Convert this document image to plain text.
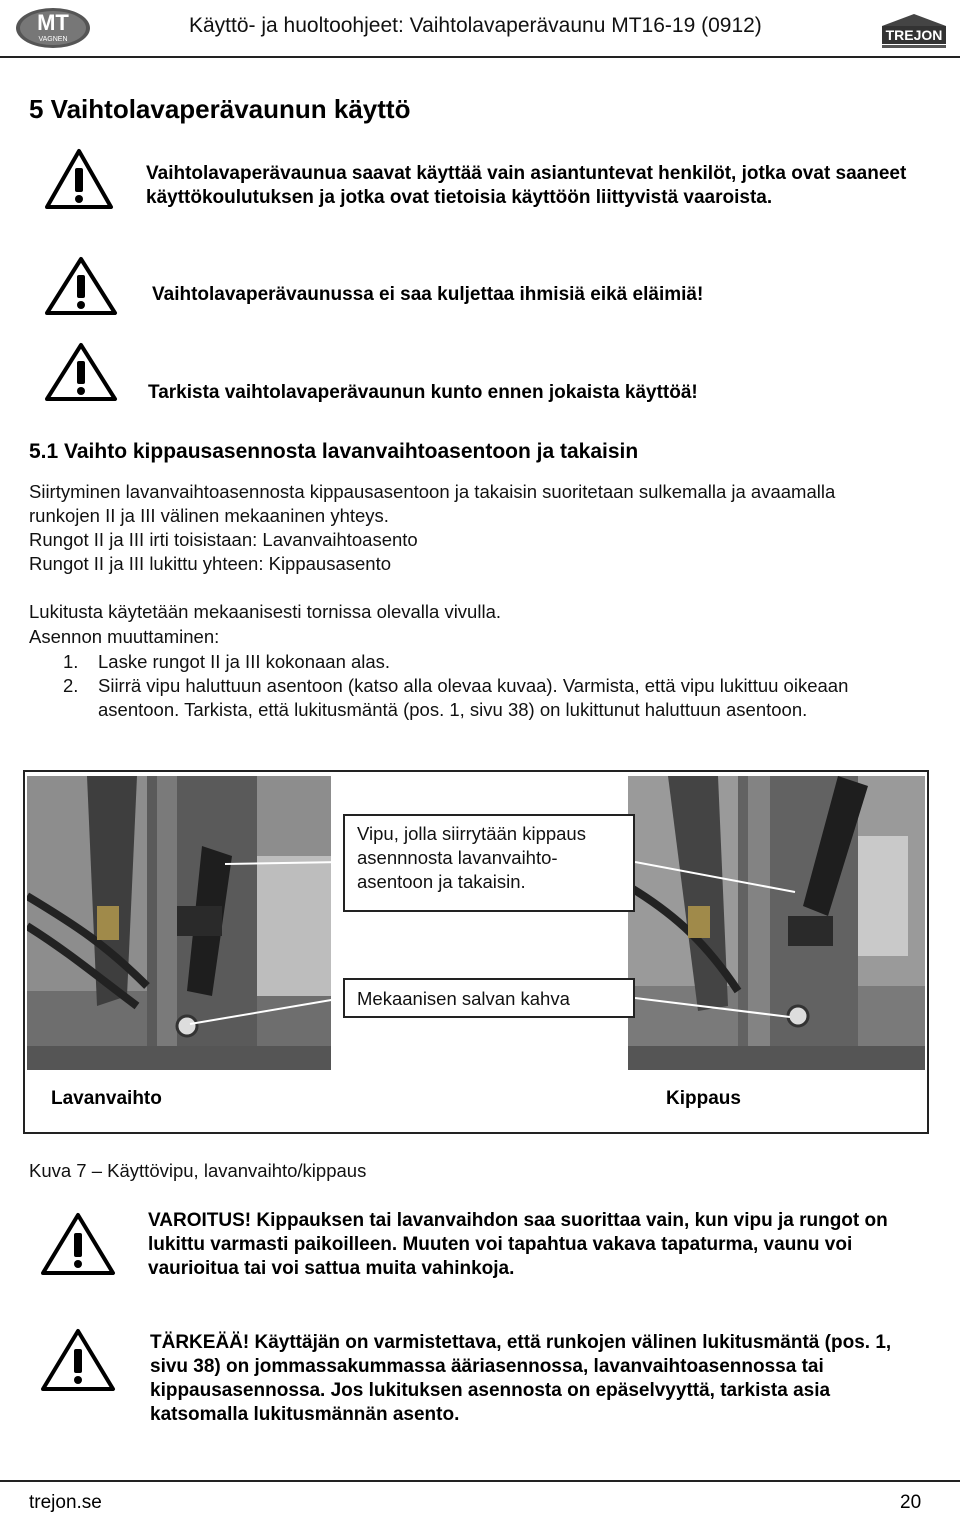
MT
VAGNEN
Käyttö- ja huoltoohjeet: Vaihtolavaperävaunu MT16-19 (0912)	TREJON
5 Vaihtolavaperävaunun käyttö

Vaihtolavaperävaunua saavat käyttää vain asiantuntevat henkilöt, jotka ovat saaneet käyttökoulutuksen ja jotka ovat tietoisia käyttöön liittyvistä vaaroista.

Vaihtolavaperävaunussa ei saa kuljettaa ihmisiä eikä eläimiä!

Tarkista vaihtolavaperävaunun kunto ennen jokaista käyttöä!

5.1 Vaihto kippausasennosta lavanvaihtoasentoon ja takaisin

Siirtyminen lavanvaihtoasennosta kippausasentoon ja takaisin suoritetaan sulkemalla ja avaamalla runkojen II ja III välinen mekaaninen yhteys.

Rungot II ja III irti toisistaan: Lavanvaihtoasento

Rungot II ja III lukittu yhteen: Kippausasento

Lukitusta käytetään mekaanisesti tornissa olevalla vivulla.

Asennon muuttaminen:

1. Laske rungot II ja III kokonaan alas.
2. Siirrä vipu haluttuun asentoon (katso alla olevaa kuvaa). Varmista, että vipu lukittuu oikeaan asentoon. Tarkista, että lukitusmäntä (pos. 1, sivu 38) on lukittunut haluttuun asentoon.
Vipu, jolla siirrytään kippaus asennnosta lavanvaihto-asentoon ja takaisin.
Mekaanisen salvan kahva
Lavanvaihto	Kippaus

Kuva 7 – Käyttövipu, lavanvaihto/kippaus

VAROITUS! Kippauksen tai lavanvaihdon saa suorittaa vain, kun vipu ja rungot on lukittu varmasti paikoilleen. Muuten voi tapahtua vakava tapaturma, vaunu voi vaurioitua tai voi sattua muita vahinkoja.

TÄRKEÄÄ! Käyttäjän on varmistettava, että runkojen välinen lukitusmäntä (pos. 1, sivu 38) on jommassakummassa ääriasennossa, lavanvaihtoasennossa tai kippausasennossa. Jos lukituksen asennosta on epäselvyyttä, tarkista asia katsomalla lukitusmännän asento.

trejon.se	20
